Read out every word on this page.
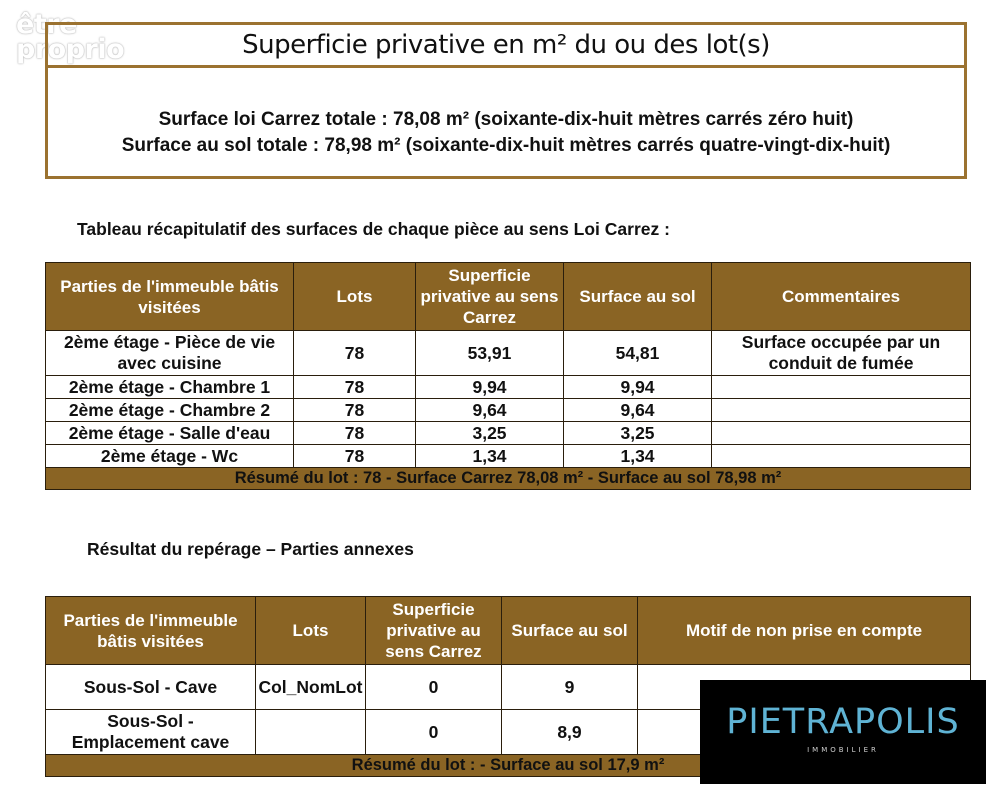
être
proprio	Superficie privative en m² du ou des lot(s)
Surface loi Carrez totale : 78,08 m² (soixante-dix-huit mètres carrés zéro huit)
Surface au sol totale : 78,98 m² (soixante-dix-huit mètres carrés quatre-vingt-dix-huit)
Tableau récapitulatif des surfaces de chaque pièce au sens Loi Carrez :
Parties de l'immeuble bâtis visitées	Lots	Superficie privative au sens Carrez	Surface au sol	Commentaires
2ème étage - Pièce de vie avec cuisine	78	53,91	54,81	Surface occupée par un conduit de fumée
2ème étage - Chambre 1	78	9,94	9,94	
2ème étage - Chambre 2	78	9,64	9,64	
2ème étage - Salle d'eau	78	3,25	3,25	
2ème étage - Wc	78	1,34	1,34	
Résumé du lot : 78 - Surface Carrez 78,08 m² - Surface au sol 78,98 m²				
Résultat du repérage – Parties annexes
Parties de l'immeuble bâtis visitées	Lots	Superficie privative au sens Carrez	Surface au sol	Motif de non prise en compte
Sous-Sol - Cave	Col_NomLot	0	9	
Sous-Sol - Emplacement cave		0	8,9	
Résumé du lot : - Surface au sol 17,9 m²				
PIETRAPOLIS
IMMOBILIER
